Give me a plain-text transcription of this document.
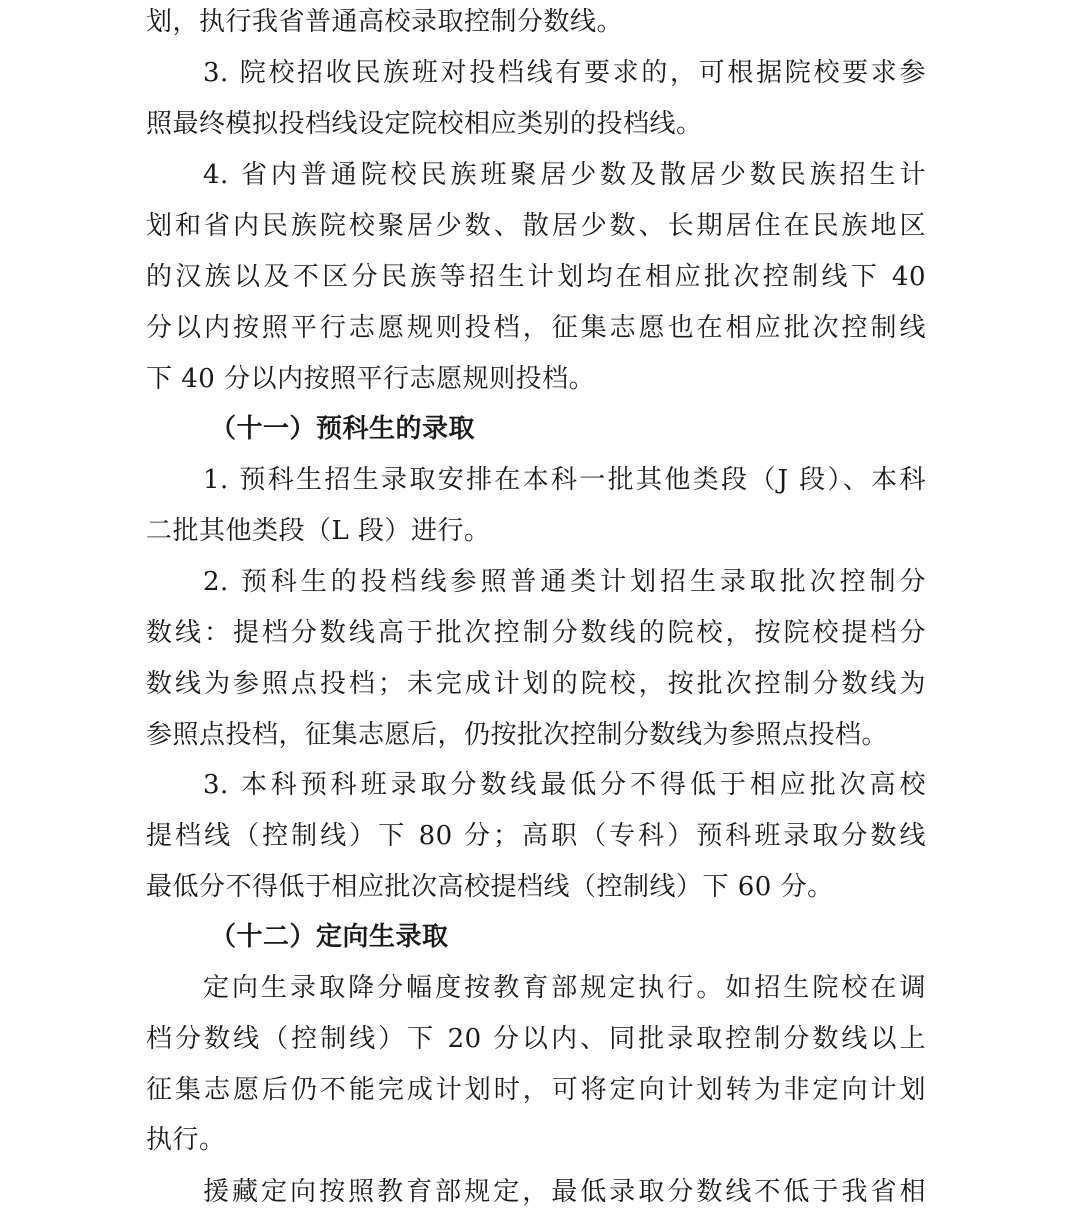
划，执行我省普通高校录取控制分数线。
3. 院校招收民族班对投档线有要求的，可根据院校要求参
照最终模拟投档线设定院校相应类别的投档线。
4. 省内普通院校民族班聚居少数及散居少数民族招生计
划和省内民族院校聚居少数、散居少数、长期居住在民族地区
的汉族以及不区分民族等招生计划均在相应批次控制线下 40
分以内按照平行志愿规则投档，征集志愿也在相应批次控制线
下 40 分以内按照平行志愿规则投档。
（十一）预科生的录取
1. 预科生招生录取安排在本科一批其他类段（J 段）、本科
二批其他类段（L 段）进行。
2. 预科生的投档线参照普通类计划招生录取批次控制分
数线：提档分数线高于批次控制分数线的院校，按院校提档分
数线为参照点投档；未完成计划的院校，按批次控制分数线为
参照点投档，征集志愿后，仍按批次控制分数线为参照点投档。
3. 本科预科班录取分数线最低分不得低于相应批次高校
提档线（控制线）下 80 分；高职（专科）预科班录取分数线
最低分不得低于相应批次高校提档线（控制线）下 60 分。
（十二）定向生录取
定向生录取降分幅度按教育部规定执行。如招生院校在调
档分数线（控制线）下 20 分以内、同批录取控制分数线以上
征集志愿后仍不能完成计划时，可将定向计划转为非定向计划
执行。
援藏定向按照教育部规定，最低录取分数线不低于我省相
